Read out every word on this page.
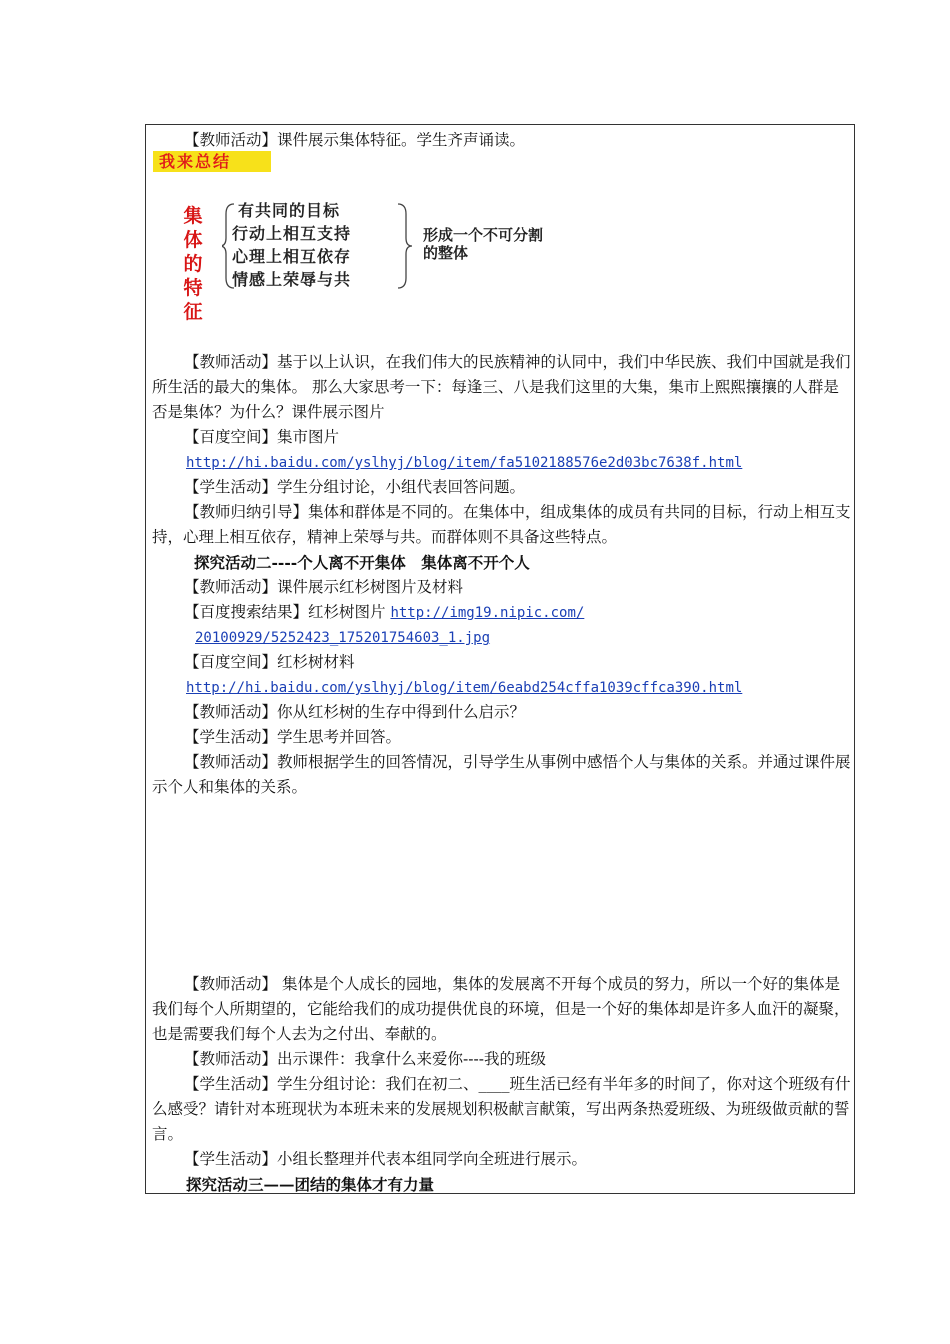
【教师活动】课件展示集体特征。学生齐声诵读。

我来总结
集体的特征
有共同的目标
行动上相互支持
心理上相互依存
情感上荣辱与共
形成一个不可分割的整体

【教师活动】基于以上认识，在我们伟大的民族精神的认同中，我们中华民族、我们中国就是我们所生活的最大的集体。 那么大家思考一下：每逢三、八是我们这里的大集，集市上熙熙攘攘的人群是否是集体？为什么？课件展示图片

【百度空间】集市图片

http://hi.baidu.com/yslhyj/blog/item/fa5102188576e2d03bc7638f.html

【学生活动】学生分组讨论，小组代表回答问题。

【教师归纳引导】集体和群体是不同的。在集体中，组成集体的成员有共同的目标，行动上相互支持，心理上相互依存，精神上荣辱与共。而群体则不具备这些特点。

探究活动二----个人离不开集体　集体离不开个人

【教师活动】课件展示红杉树图片及材料

【百度搜索结果】红杉树图片 http://img19.nipic.com/

20100929/5252423_175201754603_1.jpg

【百度空间】红杉树材料

http://hi.baidu.com/yslhyj/blog/item/6eabd254cffa1039cffca390.html

【教师活动】你从红杉树的生存中得到什么启示？

【学生活动】学生思考并回答。

【教师活动】教师根据学生的回答情况，引导学生从事例中感悟个人与集体的关系。并通过课件展示个人和集体的关系。

【教师活动】 集体是个人成长的园地，集体的发展离不开每个成员的努力，所以一个好的集体是我们每个人所期望的，它能给我们的成功提供优良的环境，但是一个好的集体却是许多人血汗的凝聚，也是需要我们每个人去为之付出、奉献的。

【教师活动】出示课件：我拿什么来爱你----我的班级

【学生活动】学生分组讨论：我们在初二、____班生活已经有半年多的时间了，你对这个班级有什么感受？请针对本班现状为本班未来的发展规划积极献言献策，写出两条热爱班级、为班级做贡献的誓言。

【学生活动】小组长整理并代表本组同学向全班进行展示。

探究活动三——团结的集体才有力量
